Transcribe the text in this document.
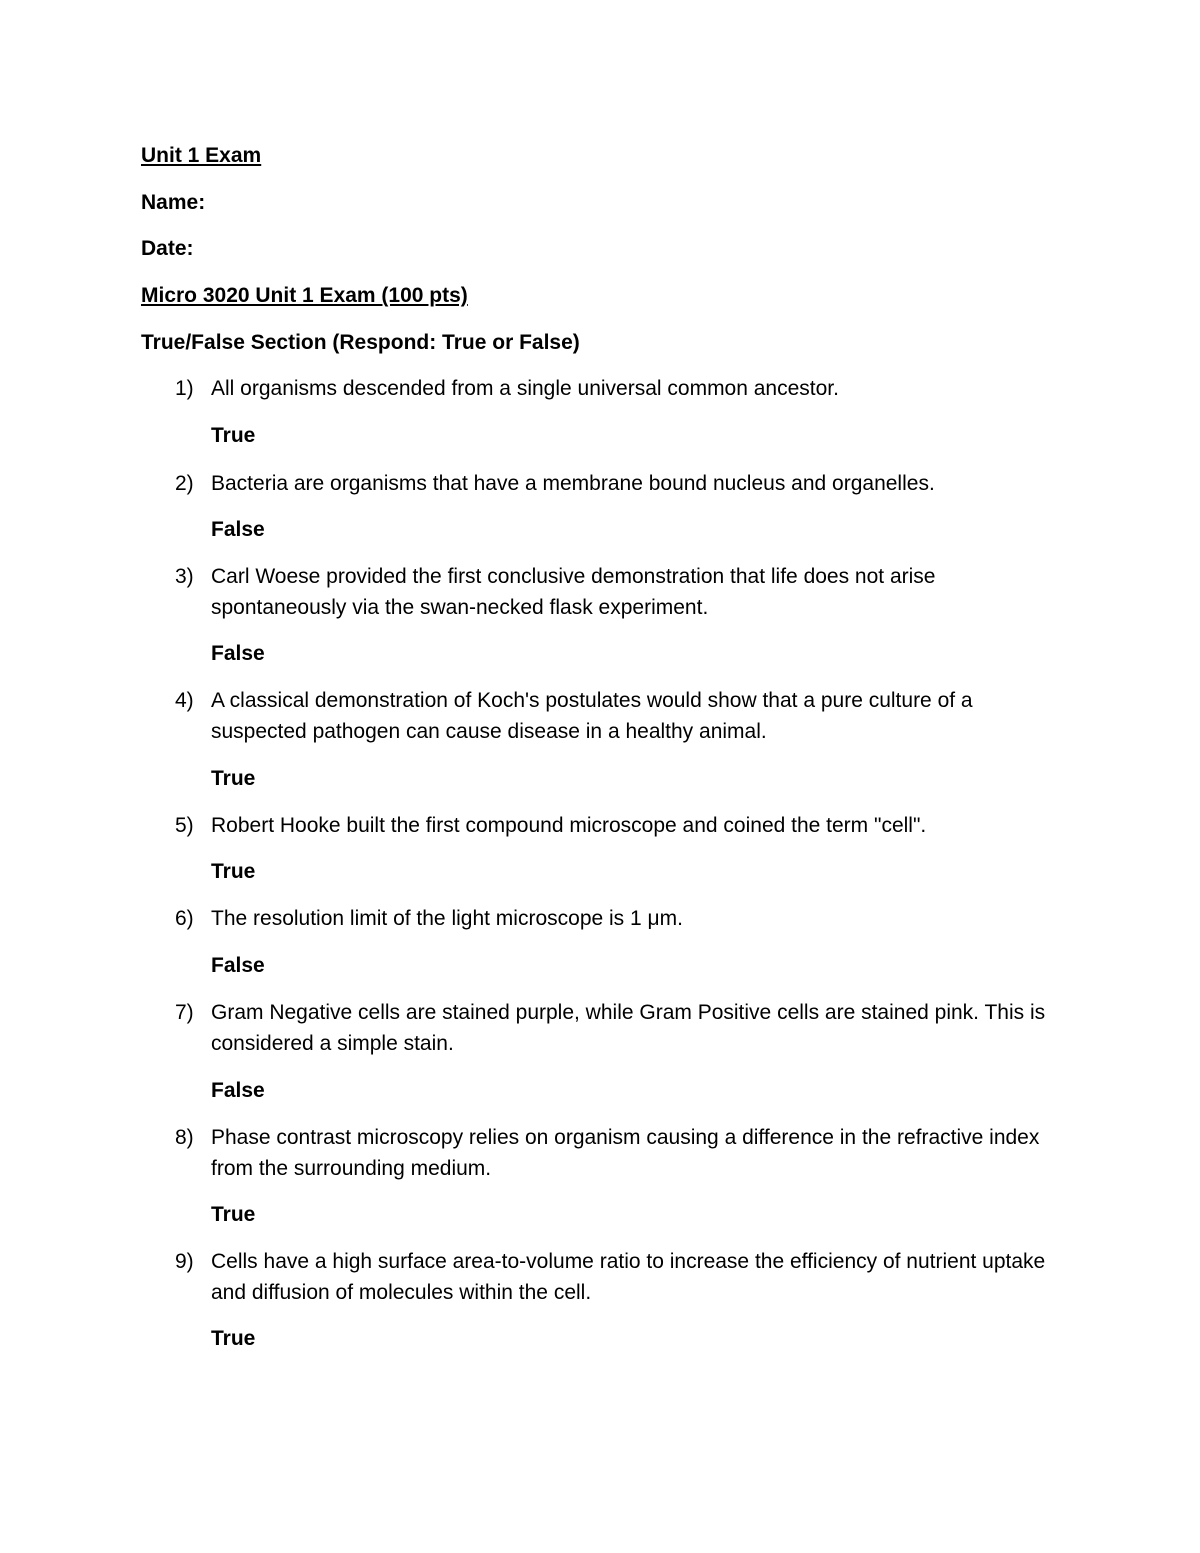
Unit 1 Exam
Name:
Date:
Micro 3020 Unit 1 Exam (100 pts)
True/False Section (Respond: True or False)
1) All organisms descended from a single universal common ancestor.
True
2) Bacteria are organisms that have a membrane bound nucleus and organelles.
False
3) Carl Woese provided the first conclusive demonstration that life does not arise spontaneously via the swan-necked flask experiment.
False
4) A classical demonstration of Koch's postulates would show that a pure culture of a suspected pathogen can cause disease in a healthy animal.
True
5) Robert Hooke built the first compound microscope and coined the term "cell".
True
6) The resolution limit of the light microscope is 1 μm.
False
7) Gram Negative cells are stained purple, while Gram Positive cells are stained pink. This is considered a simple stain.
False
8) Phase contrast microscopy relies on organism causing a difference in the refractive index from the surrounding medium.
True
9) Cells have a high surface area-to-volume ratio to increase the efficiency of nutrient uptake and diffusion of molecules within the cell.
True
